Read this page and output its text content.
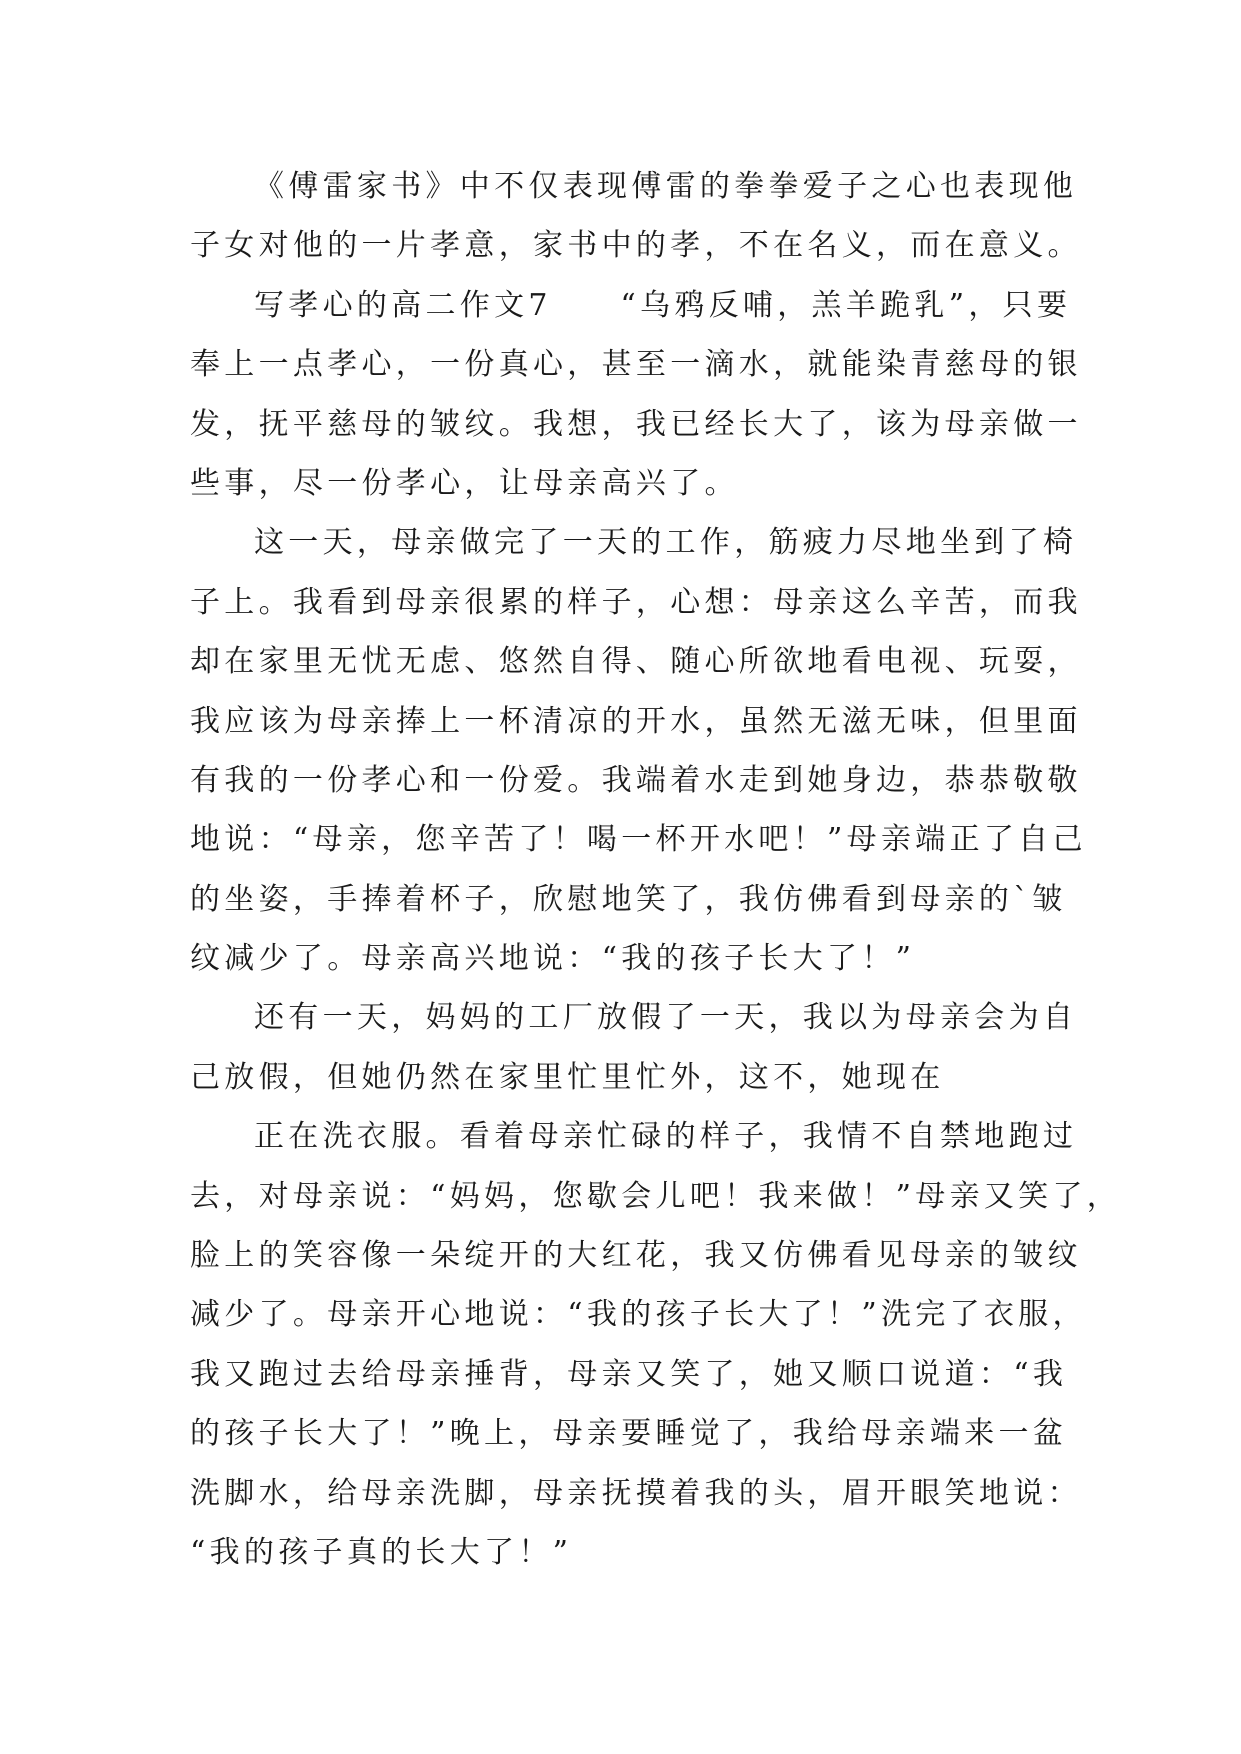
《傅雷家书》中不仅表现傅雷的拳拳爱子之心也表现他
子女对他的一片孝意，家书中的孝，不在名义，而在意义。
写孝心的高二作文7　　“乌鸦反哺，羔羊跪乳”，只要
奉上一点孝心，一份真心，甚至一滴水，就能染青慈母的银
发，抚平慈母的皱纹。我想，我已经长大了，该为母亲做一
些事，尽一份孝心，让母亲高兴了。
这一天，母亲做完了一天的工作，筋疲力尽地坐到了椅
子上。我看到母亲很累的样子，心想：母亲这么辛苦，而我
却在家里无忧无虑、悠然自得、随心所欲地看电视、玩耍，
我应该为母亲捧上一杯清凉的开水，虽然无滋无味，但里面
有我的一份孝心和一份爱。我端着水走到她身边，恭恭敬敬
地说：“母亲，您辛苦了！喝一杯开水吧！”母亲端正了自己
的坐姿，手捧着杯子，欣慰地笑了，我仿佛看到母亲的`皱
纹减少了。母亲高兴地说：“我的孩子长大了！”
还有一天，妈妈的工厂放假了一天，我以为母亲会为自
己放假，但她仍然在家里忙里忙外，这不，她现在
正在洗衣服。看着母亲忙碌的样子，我情不自禁地跑过
去，对母亲说：“妈妈，您歇会儿吧！我来做！”母亲又笑了，
脸上的笑容像一朵绽开的大红花，我又仿佛看见母亲的皱纹
减少了。母亲开心地说：“我的孩子长大了！”洗完了衣服，
我又跑过去给母亲捶背，母亲又笑了，她又顺口说道：“我
的孩子长大了！”晚上，母亲要睡觉了，我给母亲端来一盆
洗脚水，给母亲洗脚，母亲抚摸着我的头，眉开眼笑地说：
“我的孩子真的长大了！”
